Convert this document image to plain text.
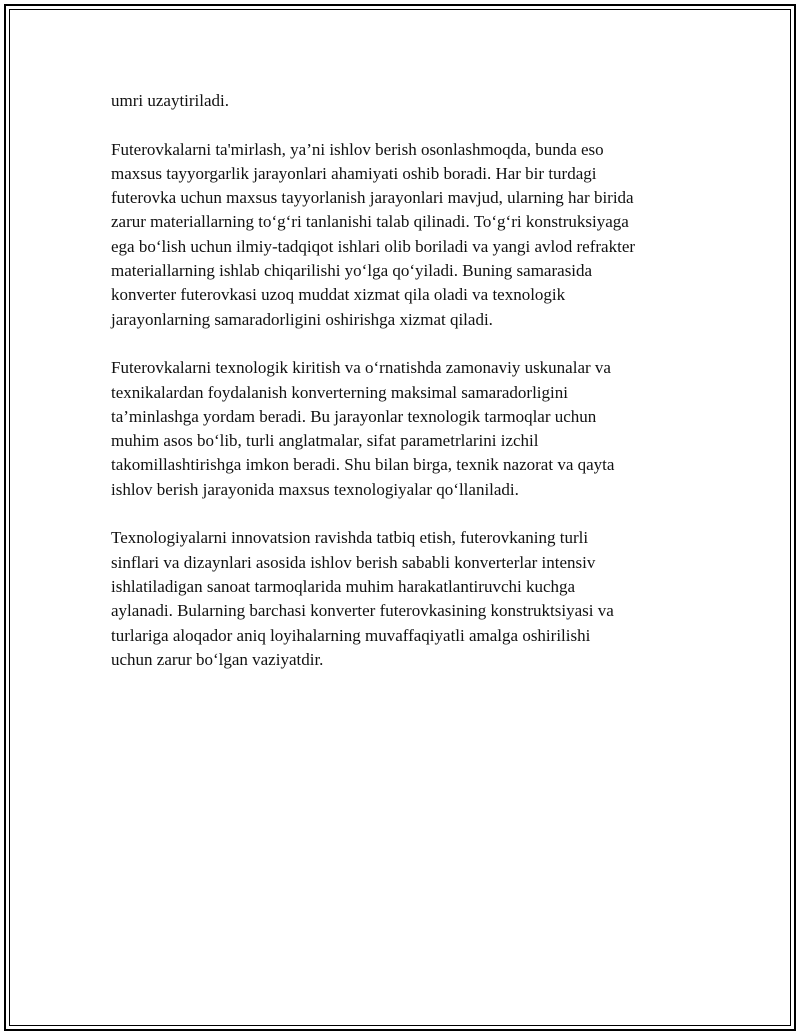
umri uzaytiriladi.
Futerovkalarni ta'mirlash, ya’ni ishlov berish osonlashmoqda, bunda eso
maxsus tayyorgarlik jarayonlari ahamiyati oshib boradi. Har bir turdagi
futerovka uchun maxsus tayyorlanish jarayonlari mavjud, ularning har birida
zarur materiallarning to‘g‘ri tanlanishi talab qilinadi. To‘g‘ri konstruksiyaga
ega bo‘lish uchun ilmiy-tadqiqot ishlari olib boriladi va yangi avlod refrakter
materiallarning ishlab chiqarilishi yo‘lga qo‘yiladi. Buning samarasida
konverter futerovkasi uzoq muddat xizmat qila oladi va texnologik
jarayonlarning samaradorligini oshirishga xizmat qiladi.
Futerovkalarni texnologik kiritish va o‘rnatishda zamonaviy uskunalar va
texnikalardan foydalanish konverterning maksimal samaradorligini
ta’minlashga yordam beradi. Bu jarayonlar texnologik tarmoqlar uchun
muhim asos bo‘lib, turli anglatmalar, sifat parametrlarini izchil
takomillashtirishga imkon beradi. Shu bilan birga, texnik nazorat va qayta
ishlov berish jarayonida maxsus texnologiyalar qo‘llaniladi.
Texnologiyalarni innovatsion ravishda tatbiq etish, futerovkaning turli
sinflari va dizaynlari asosida ishlov berish sababli konverterlar intensiv
ishlatiladigan sanoat tarmoqlarida muhim harakatlantiruvchi kuchga
aylanadi. Bularning barchasi konverter futerovkasining konstruktsiyasi va
turlariga aloqador aniq loyihalarning muvaffaqiyatli amalga oshirilishi
uchun zarur bo‘lgan vaziyatdir.
